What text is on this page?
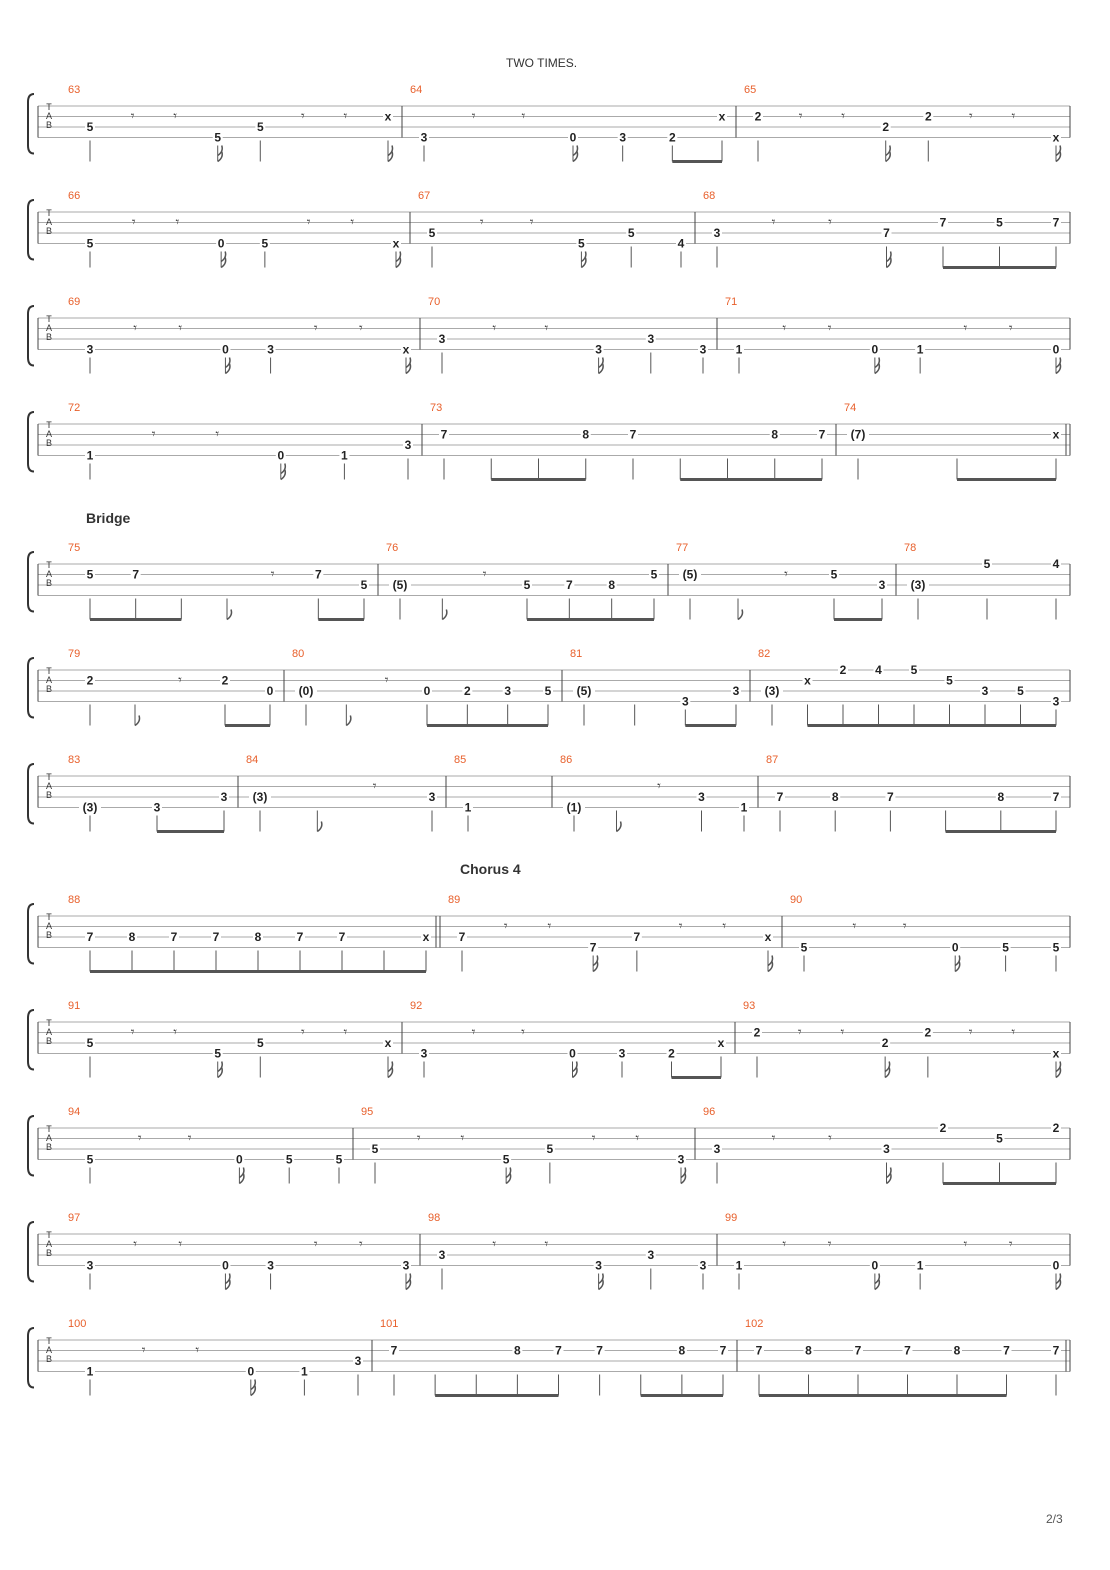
TWO TIMES.
Bridge
Chorus 4
2/3
T
A
B
63
5
𝄾	𝄾
5
5
𝄾	𝄾	x
64
3
𝄾	𝄾
0	3	2
x
65
2	𝄾	𝄾
2
2	𝄾	𝄾
x
T
A
B
66
5
𝄾	𝄾
0	5
𝄾	𝄾
x
67
5
𝄾	𝄾
5
5
4
68
3
𝄾	𝄾
7
7	5	7
T
A
B
69
3
𝄾	𝄾
0	3
𝄾	𝄾
x
70
3
𝄾	𝄾
3
3
3
71
1
𝄾	𝄾
0	1
𝄾	𝄾
0
T
A
B
72
1
𝄾	𝄾
0	1
3
73
7	8	7	8	7
74
(7)	x
T
A
B
75
5	7	𝄾	7
5
76
(5)
𝄾
5	7	8
5
77
(5)	𝄾	5
3
78
(3)
5	4
T
A
B
79
2	𝄾	2
0
80
(0)
𝄾
0	2	3	5
81
(5)
3
3
82
(3)
x
2 4 5
5
3 5
3
T
A
B
83
(3)	3
3
84
(3)
𝄾
3
85
1
86
(1)
𝄾
3
1
87
7	8	7	8	7
T
A
B
88
7	8	7	7	8	7	7	x
89
7
𝄾	𝄾
7
7
𝄾	𝄾
x
90
5
𝄾	𝄾
0	5	5
T
A
B
91
5
𝄾	𝄾
5
5
𝄾	𝄾
x
92
3
𝄾	𝄾
0	3	2
x
93
2	𝄾	𝄾
2
2	𝄾	𝄾
x
T
A
B
94
5
𝄾	𝄾
0	5	5
95
5
𝄾	𝄾
5
5
𝄾	𝄾
3
96
3
𝄾	𝄾
3
2
5
2
T
A
B
97
3
𝄾	𝄾
0	3
𝄾	𝄾
3
98
3
𝄾	𝄾
3
3
3
99
1
𝄾	𝄾
0	1
𝄾	𝄾
0
T
A
B
100
1
𝄾	𝄾
0	1
3
101
7	8	7	7	8	7
102
7	8	7	7	8	7	7
